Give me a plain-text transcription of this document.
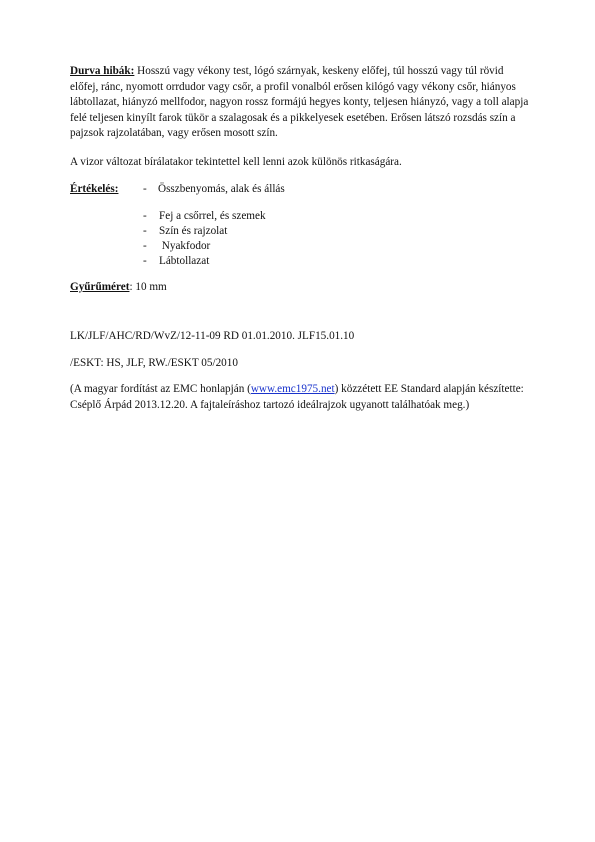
Durva hibák: Hosszú vagy vékony test, lógó szárnyak, keskeny előfej, túl hosszú vagy túl rövid előfej, ránc, nyomott orrdudor vagy csőr, a profil vonalból erősen kilógó vagy vékony csőr, hiányos lábtollazat, hiányzó mellfodor, nagyon rossz formájú hegyes konty, teljesen hiányzó, vagy a toll alapja felé teljesen kinyílt farok tükör a szalagosak és a pikkelyesek esetében. Erősen látszó rozsdás szín a pajzsok rajzolatában, vagy erősen mosott szín.

A vizor változat bírálatakor tekintettel kell lenni azok különös ritkaságára.

Értékelés: - Összbenyomás, alak és állás
- Fej a csőrrel, és szemek
- Szín és rajzolat
- Nyakfodor
- Lábtollazat
Gyűrűméret: 10 mm
LK/JLF/AHC/RD/WvZ/12-11-09 RD 01.01.2010. JLF15.01.10
/ESKT: HS, JLF, RW./ESKT 05/2010

(A magyar fordítást az EMC honlapján (www.emc1975.net) közzétett EE Standard alapján készítette: Cséplő Árpád 2013.12.20. A fajtaleíráshoz tartozó ideálrajzok ugyanott találhatóak meg.)
